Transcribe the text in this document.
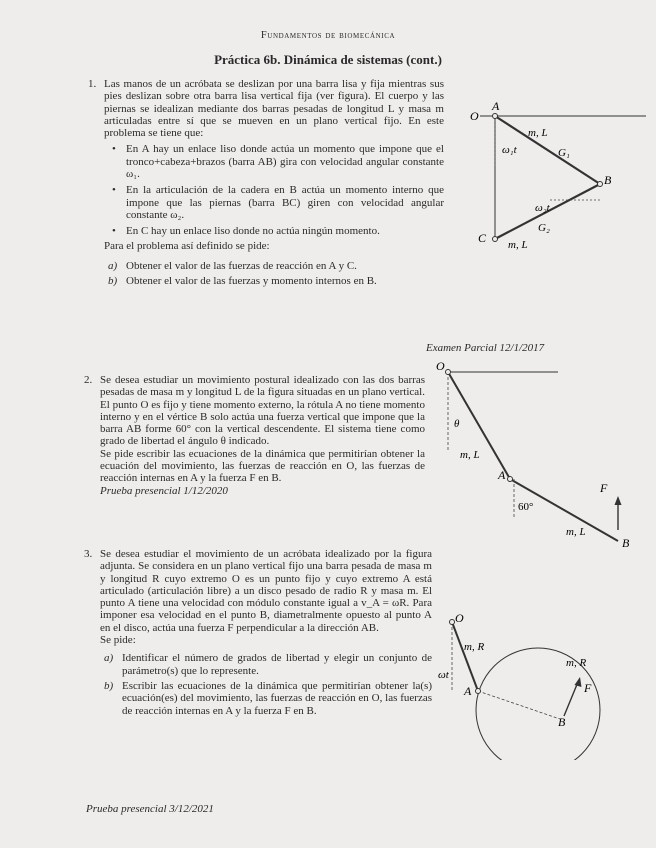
Fundamentos de biomecánica
Práctica 6b. Dinámica de sistemas (cont.)
1. Las manos de un acróbata se deslizan por una barra lisa y fija mientras sus pies deslizan sobre otra barra lisa vertical fija (ver figura). El cuerpo y las piernas se idealizan mediante dos barras pesadas de longitud L y masa m articuladas entre sí que se mueven en un plano vertical fijo. En este problema se tiene que:

• En A hay un enlace liso donde actúa un momento que impone que el tronco+cabeza+brazos (barra AB) gira con velocidad angular constante ω₁.

• En la articulación de la cadera en B actúa un momento interno que impone que las piernas (barra BC) giren con velocidad angular constante ω₂.

• En C hay un enlace liso donde no actúa ningún momento.

Para el problema así definido se pide:

a) Obtener el valor de las fuerzas de reacción en A y C.

b) Obtener el valor de las fuerzas y momento internos en B.

O
A
B
C
m, L
G₁
ω₁t
ω₂t
G₂
m, L
Examen Parcial 12/1/2017
2. Se desea estudiar un movimiento postural idealizado con las dos barras pesadas de masa m y longitud L de la figura situadas en un plano vertical. El punto O es fijo y tiene momento externo, la rótula A no tiene momento interno y en el vértice B solo actúa una fuerza vertical que impone que la barra AB forme 60° con la vertical descendente. El sistema tiene como grado de libertad el ángulo θ indicado.

Se pide escribir las ecuaciones de la dinámica que permitirían obtener la ecuación del movimiento, las fuerzas de reacción en O, las fuerzas de reacción internas en A y la fuerza F en B.

Prueba presencial 1/12/2020

O
θ
m, L
A
60°
F
m, L
B
3. Se desea estudiar el movimiento de un acróbata idealizado por la figura adjunta. Se considera en un plano vertical fijo una barra pesada de masa m y longitud R cuyo extremo O es un punto fijo y cuyo extremo A está articulado (articulación libre) a un disco pesado de radio R y masa m. El punto A tiene una velocidad con módulo constante igual a v_A = ωR. Para imponer esa velocidad en el punto B, diametralmente opuesto al punto A en el disco, actúa una fuerza F perpendicular a la dirección AB.

Se pide:

a) Identificar el número de grados de libertad y elegir un conjunto de parámetro(s) que lo represente.

b) Escribir las ecuaciones de la dinámica que permitirían obtener la(s) ecuación(es) del movimiento, las fuerzas de reacción en O, las fuerzas de reacción internas en A y la fuerza F en B.

Prueba presencial 3/12/2021
O
m, R
ωt
A
m, R
F
B
